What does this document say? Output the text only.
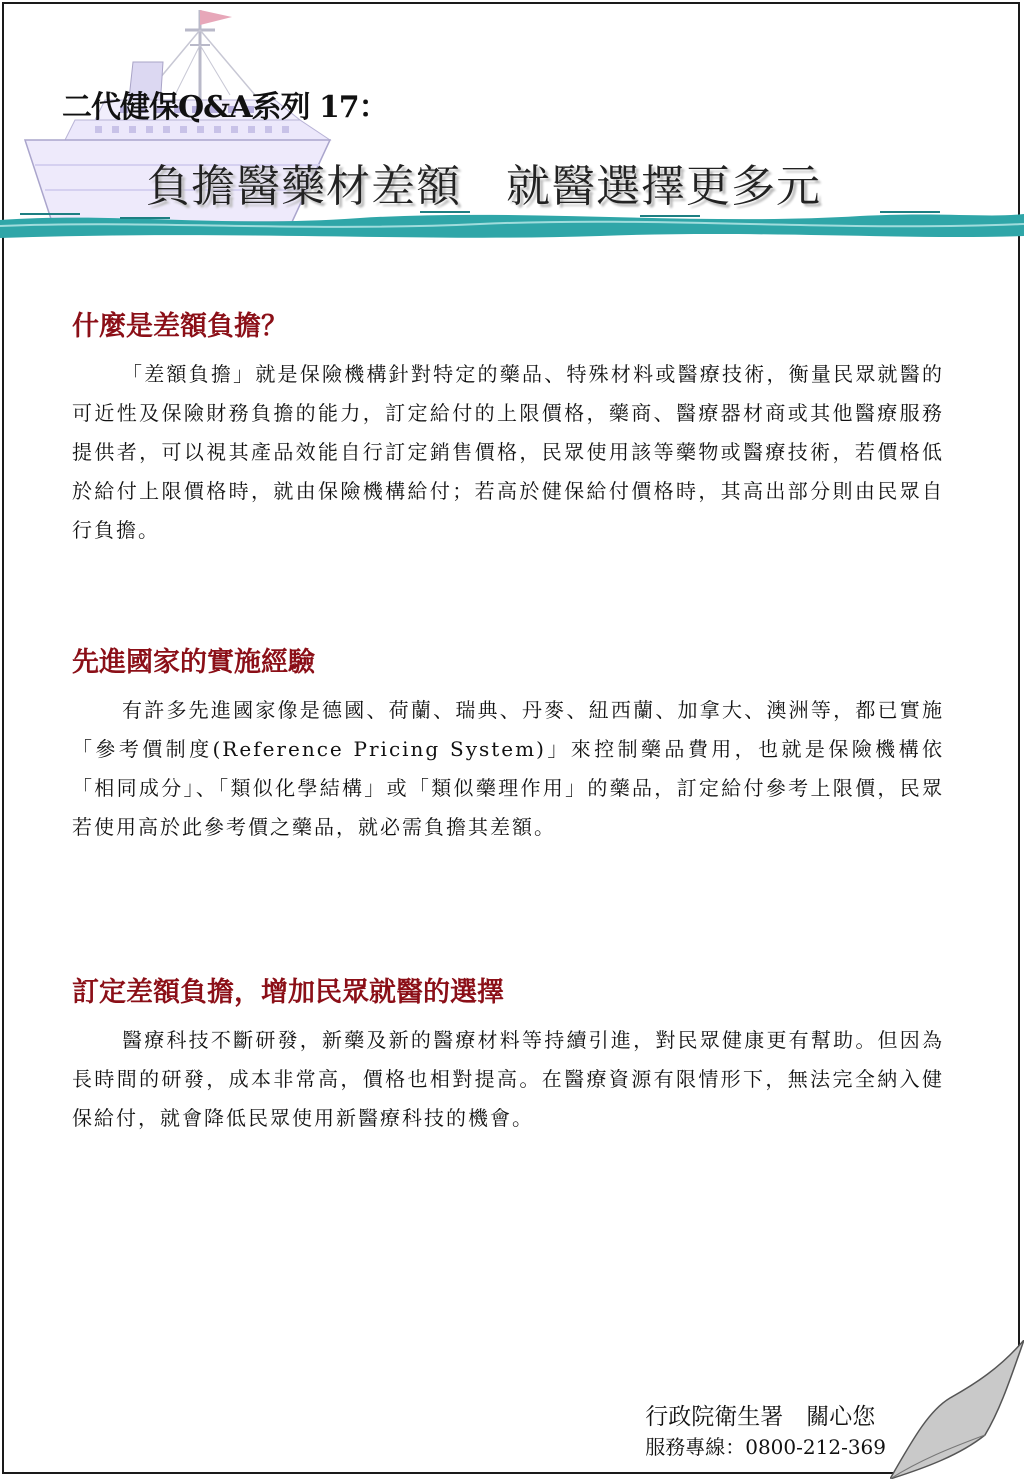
二代健保Q&A系列 17：
負擔醫藥材差額　就醫選擇更多元
什麼是差額負擔？

「差額負擔」就是保險機構針對特定的藥品、特殊材料或醫療技術，衡量民眾就醫的可近性及保險財務負擔的能力，訂定給付的上限價格，藥商、醫療器材商或其他醫療服務提供者，可以視其產品效能自行訂定銷售價格，民眾使用該等藥物或醫療技術，若價格低於給付上限價格時，就由保險機構給付；若高於健保給付價格時，其高出部分則由民眾自行負擔。

先進國家的實施經驗

有許多先進國家像是德國、荷蘭、瑞典、丹麥、紐西蘭、加拿大、澳洲等，都已實施「參考價制度(Reference Pricing System)」來控制藥品費用，也就是保險機構依「相同成分」、「類似化學結構」或「類似藥理作用」的藥品，訂定給付參考上限價，民眾若使用高於此參考價之藥品，就必需負擔其差額。

訂定差額負擔，增加民眾就醫的選擇

醫療科技不斷研發，新藥及新的醫療材料等持續引進，對民眾健康更有幫助。但因為長時間的研發，成本非常高，價格也相對提高。在醫療資源有限情形下，無法完全納入健保給付，就會降低民眾使用新醫療科技的機會。

行政院衛生署　關心您
服務專線：0800-212-369
